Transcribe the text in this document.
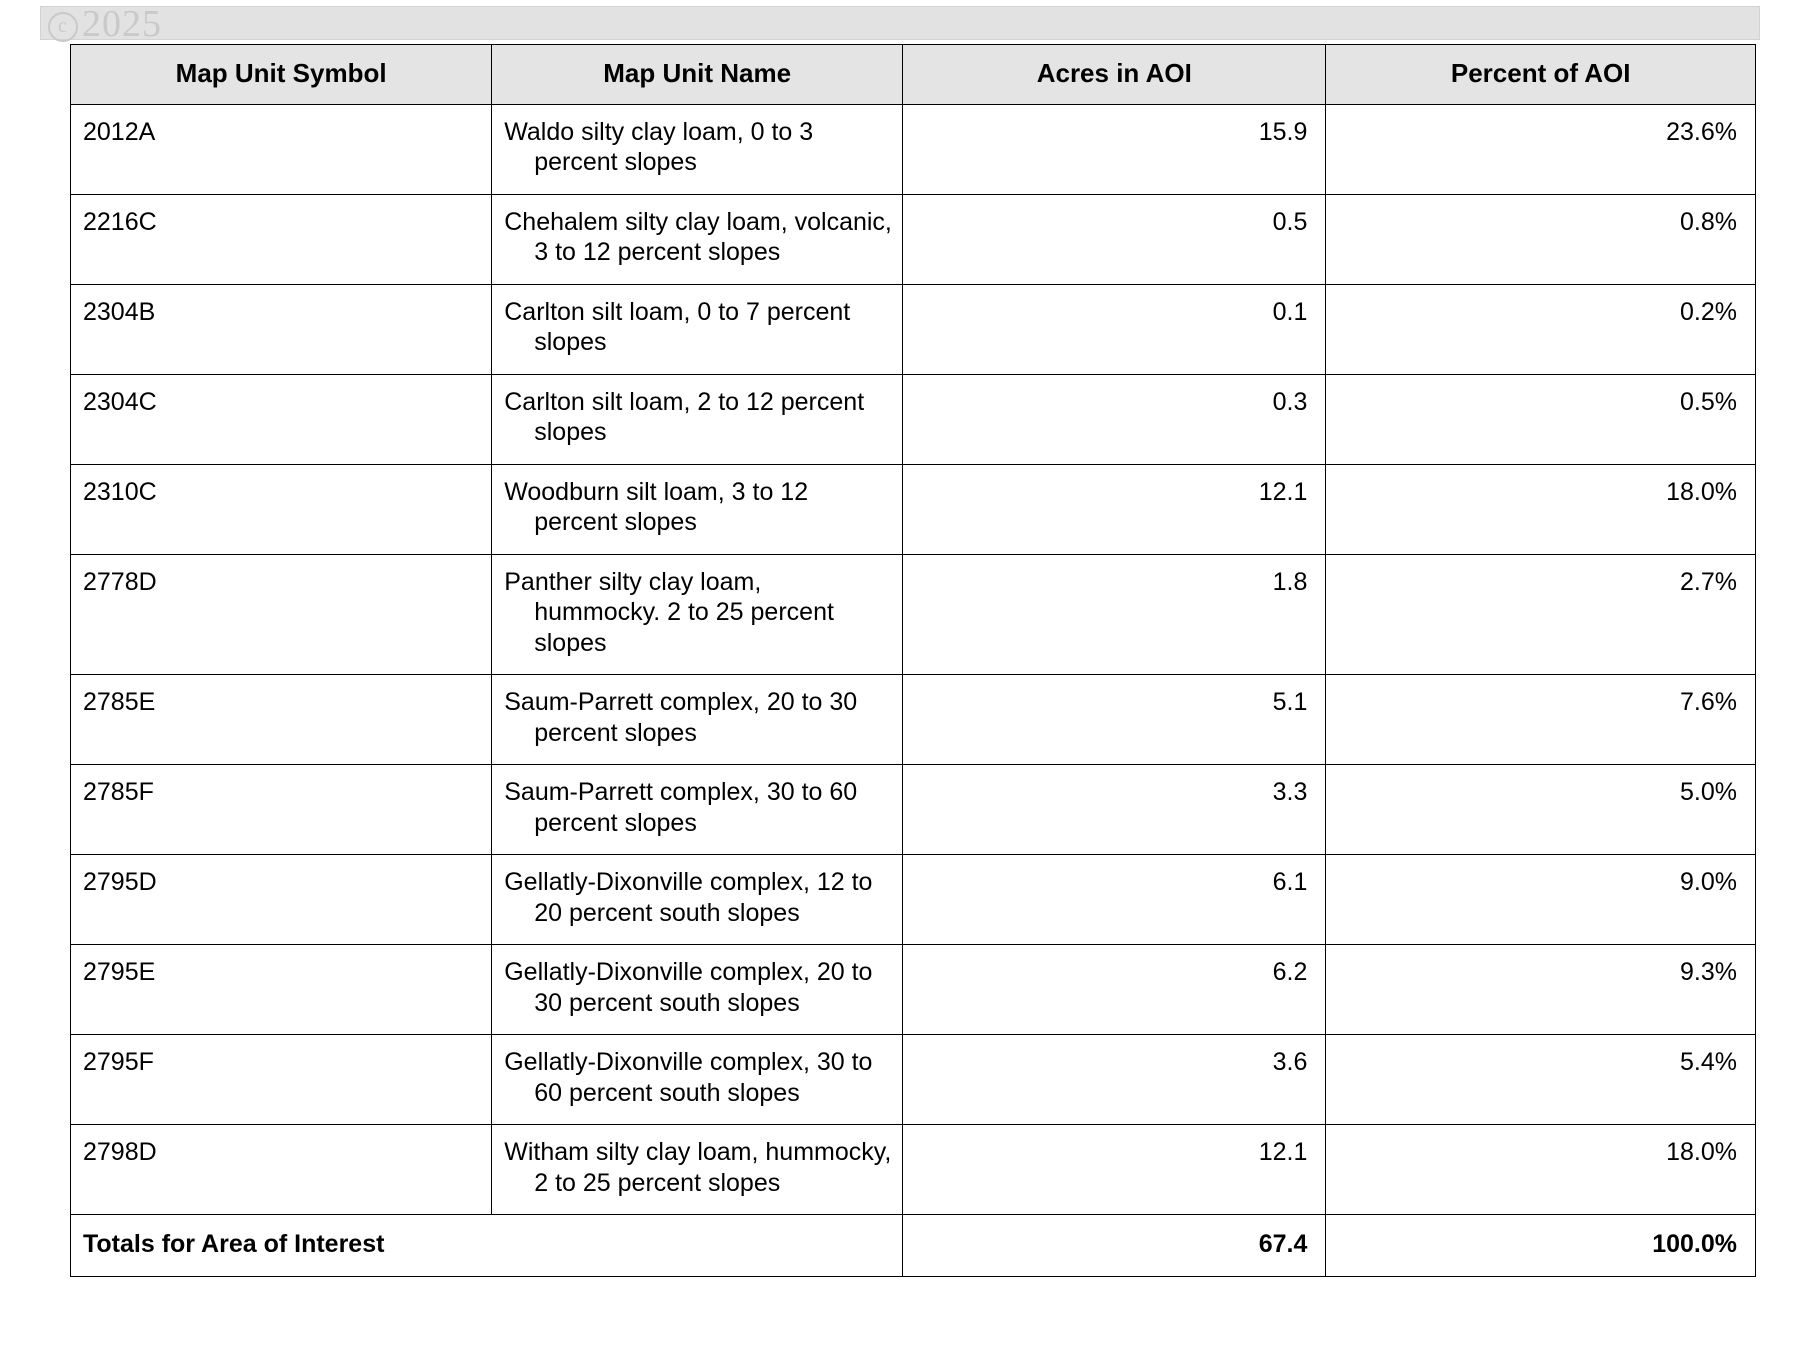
c 2025
Map Unit Symbol	Map Unit Name	Acres in AOI	Percent of AOI
2012A	Waldo silty clay loam, 0 to 3 percent slopes	15.9	23.6%
2216C	Chehalem silty clay loam, volcanic, 3 to 12 percent slopes	0.5	0.8%
2304B	Carlton silt loam, 0 to 7 percent slopes	0.1	0.2%
2304C	Carlton silt loam, 2 to 12 percent slopes	0.3	0.5%
2310C	Woodburn silt loam, 3 to 12 percent slopes	12.1	18.0%
2778D	Panther silty clay loam, hummocky. 2 to 25 percent slopes	1.8	2.7%
2785E	Saum-Parrett complex, 20 to 30 percent slopes	5.1	7.6%
2785F	Saum-Parrett complex, 30 to 60 percent slopes	3.3	5.0%
2795D	Gellatly-Dixonville complex, 12 to 20 percent south slopes	6.1	9.0%
2795E	Gellatly-Dixonville complex, 20 to 30 percent south slopes	6.2	9.3%
2795F	Gellatly-Dixonville complex, 30 to 60 percent south slopes	3.6	5.4%
2798D	Witham silty clay loam, hummocky, 2 to 25 percent slopes	12.1	18.0%
Totals for Area of Interest		67.4	100.0%
